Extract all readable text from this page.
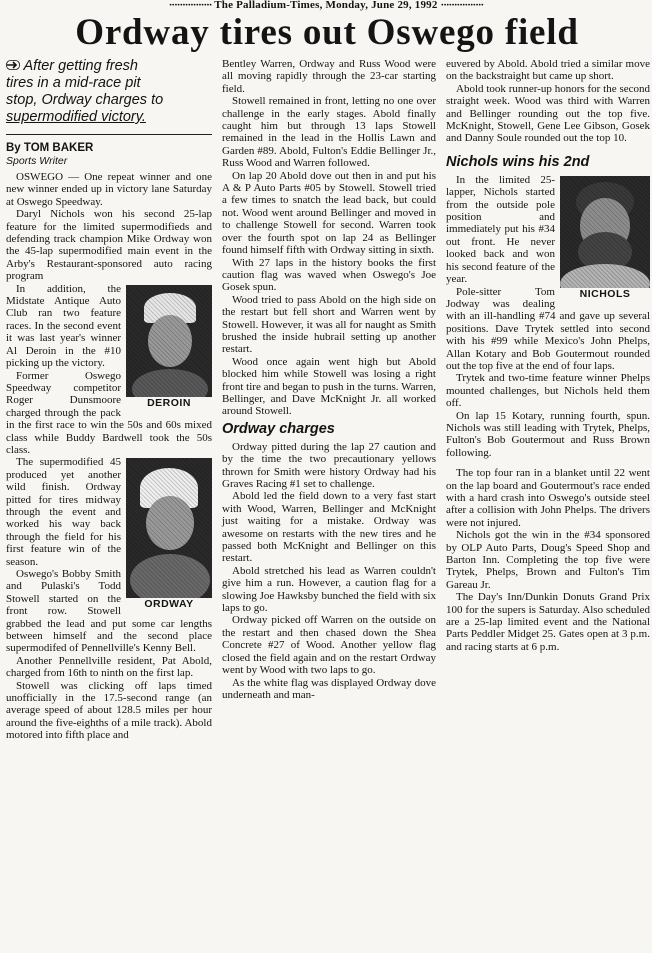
················ The Palladium-Times, Monday, June 29, 1992 ················
Ordway tires out Oswego field
After getting fresh
tires in a mid-race pit
stop, Ordway charges to
supermodified victory.
By TOM BAKER
Sports Writer

OSWEGO — One repeat winner and one new winner ended up in victory lane Saturday at Oswego Speedway.

Daryl Nichols won his second 25-lap feature for the limited supermodifieds and defending track champion Mike Ordway won the 45-lap supermodified main event in the Arby's Restaurant-sponsored auto racing program

DEROIN

In addition, the Midstate Antique Auto Club ran two feature races. In the second event it was last year's winner Al Deroin in the #10 picking up the victory.

Former Oswego Speedway competitor Roger Dunsmoore charged through the pack in the first race to win the 50s and 60s mixed class while Buddy Bardwell took the 50s class.

ORDWAY

The supermodified 45 produced yet another wild finish. Ordway pitted for tires midway through the event and worked his way back through the field for his first feature win of the season.

Oswego's Bobby Smith and Pulaski's Todd Stowell started on the front row. Stowell grabbed the lead and put some car lengths between himself and the second place supermodifed of Pennellville's Kenny Bell.

Another Pennellville resident, Pat Abold, charged from 16th to ninth on the first lap.

Stowell was clicking off laps timed unofficially in the 17.5-second range (an average speed of about 128.5 miles per hour around the five-eighths of a mile track). Abold motored into fifth place and

Bentley Warren, Ordway and Russ Wood were all moving rapidly through the 23-car starting field.

Stowell remained in front, letting no one over challenge in the early stages. Abold finally caught him but through 13 laps Stowell remained in the lead in the Hollis Lawn and Garden #89. Abold, Fulton's Eddie Bellinger Jr., Russ Wood and Warren followed.

On lap 20 Abold dove out then in and put his A & P Auto Parts #05 by Stowell. Stowell tried a few times to snatch the lead back, but could not. Wood went around Bellinger and moved in to challenge Stowell for second. Warren took over the fourth spot on lap 24 as Bellinger found himself fifth with Ordway sitting in sixth.

With 27 laps in the history books the first caution flag was waved when Oswego's Joe Gosek spun.

Wood tried to pass Abold on the high side on the restart but fell short and Warren went by Stowell. However, it was all for naught as Smith brushed the inside hubrail setting up another restart.

Wood once again went high but Abold blocked him while Stowell was losing a right front tire and began to push in the turns. Warren, Bellinger, and Dave McKnight Jr. all worked around Stowell.

Ordway charges

Ordway pitted during the lap 27 caution and by the time the two precautionary yellows thrown for Smith were history Ordway had his Graves Racing #1 set to challenge.

Abold led the field down to a very fast start with Wood, Warren, Bellinger and McKnight just waiting for a mistake. Ordway was awesome on restarts with the new tires and he passed both McKnight and Bellinger on this restart.

Abold stretched his lead as Warren couldn't give him a run. However, a caution flag for a slowing Joe Hawksby bunched the field with six laps to go.

Ordway picked off Warren on the outside on the restart and then chased down the Shea Concrete #27 of Wood. Another yellow flag closed the field again and on the restart Ordway went by Wood with two laps to go.

As the white flag was displayed Ordway dove underneath and man-

euvered by Abold. Abold tried a similar move on the backstraight but came up short.

Abold took runner-up honors for the second straight week. Wood was third with Warren and Bellinger rounding out the top five. McKnight, Stowell, Gene Lee Gibson, Gosek and Danny Soule rounded out the top 10.

Nichols wins his 2nd
NICHOLS

In the limited 25-lapper, Nichols started from the outside pole position and immediately put his #34 out front. He never looked back and won his second feature of the year.

Pole-sitter Tom Jodway was dealing with an ill-handling #74 and gave up several positions. Dave Trytek settled into second with his #99 while Mexico's John Phelps, Allan Kotary and Bob Goutermout rounded out the top five at the end of four laps.

Trytek and two-time feature winner Phelps mounted challenges, but Nichols held them off.

On lap 15 Kotary, running fourth, spun. Nichols was still leading with Trytek, Phelps, Fulton's Bob Goutermout and Russ Brown following.

The top four ran in a blanket until 22 went on the lap board and Goutermout's race ended with a hard crash into Oswego's outside steel after a collision with John Phelps. The drivers were not injured.

Nichols got the win in the #34 sponsored by OLP Auto Parts, Doug's Speed Shop and Barton Inn. Completing the top five were Trytek, Phelps, Brown and Fulton's Tim Gareau Jr.

The Day's Inn/Dunkin Donuts Grand Prix 100 for the supers is Saturday. Also scheduled are a 25-lap limited event and the National Parts Peddler Midget 25. Gates open at 3 p.m. and racing starts at 6 p.m.
